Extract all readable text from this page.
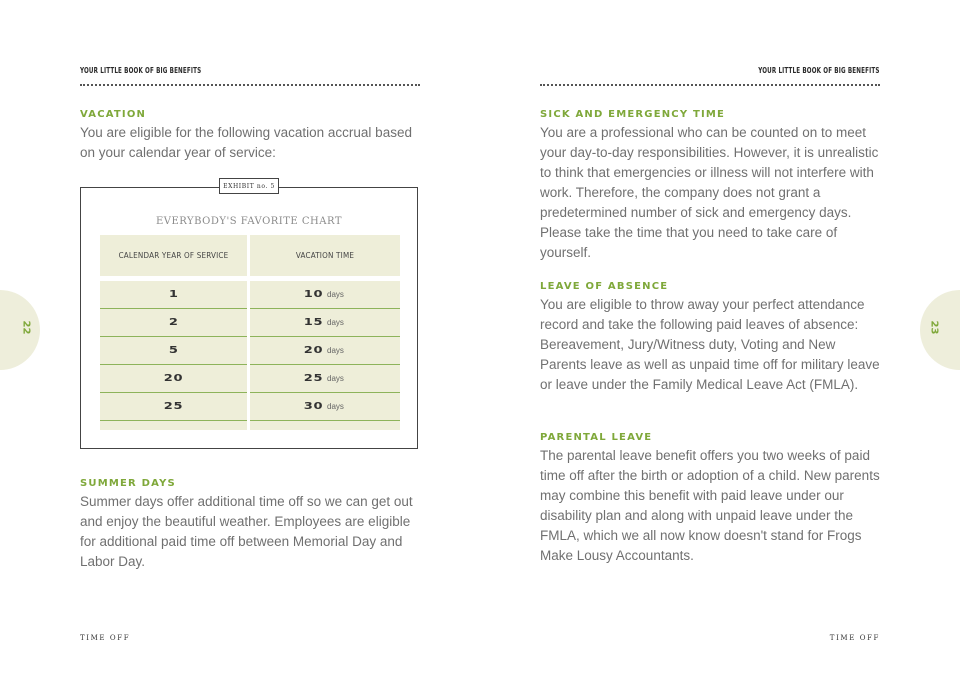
YOUR LITTLE BOOK OF BIG BENEFITS
VACATION
You are eligible for the following vacation accrual based on your calendar year of service:
EXHIBIT no. 5
EVERYBODY'S FAVORITE CHART
CALENDAR YEAR OF SERVICE	VACATION TIME
1	10 days
2	15 days
5	20 days
20	25 days
25	30 days
SUMMER DAYS
Summer days offer additional time off so we can get out and enjoy the beautiful weather. Employees are eligible for additional paid time off between Memorial Day and Labor Day.
TIME OFF
22
YOUR LITTLE BOOK OF BIG BENEFITS
SICK AND EMERGENCY TIME
You are a professional who can be counted on to meet your day-to-day responsibilities. However, it is unrealistic to think that emergencies or illness will not interfere with work. Therefore, the company does not grant a predetermined number of sick and emergency days. Please take the time that you need to take care of yourself.
LEAVE OF ABSENCE
You are eligible to throw away your perfect attendance record and take the following paid leaves of absence: Bereavement, Jury/Witness duty, Voting and New Parents leave as well as unpaid time off for military leave or leave under the Family Medical Leave Act (FMLA).
PARENTAL LEAVE
The parental leave benefit offers you two weeks of paid time off after the birth or adoption of a child. New parents may combine this benefit with paid leave under our disability plan and along with unpaid leave under the FMLA, which we all now know doesn't stand for Frogs Make Lousy Accountants.
TIME OFF
23
